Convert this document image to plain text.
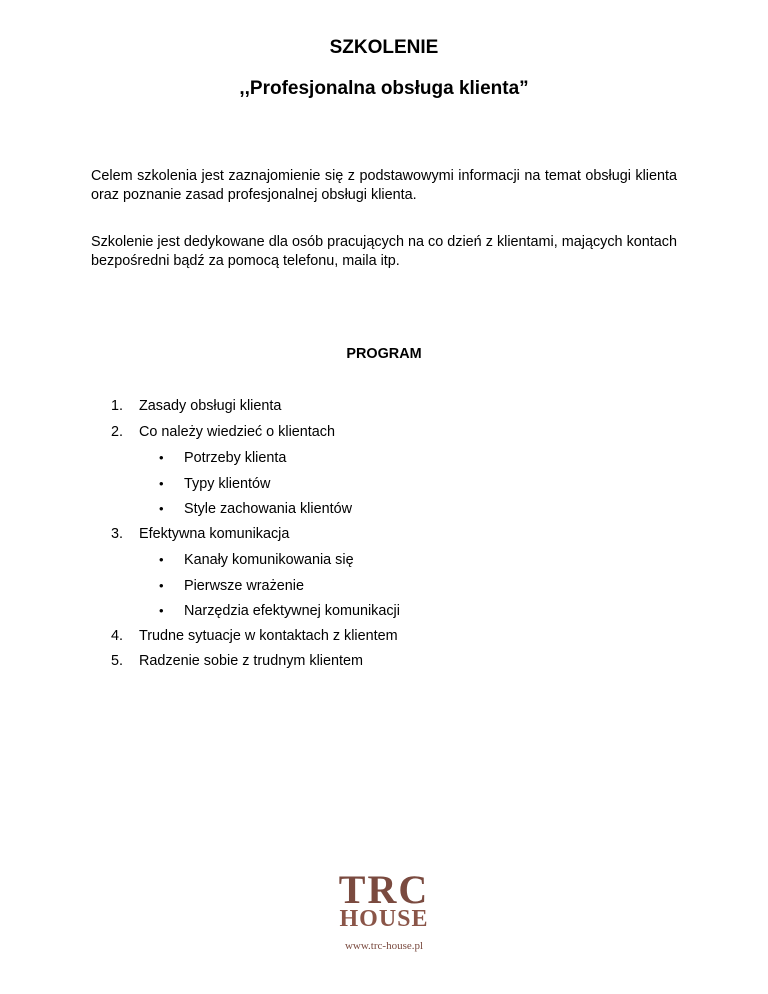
SZKOLENIE
,,Profesjonalna obsługa klienta”
Celem szkolenia jest zaznajomienie się z podstawowymi informacji na temat obsługi klienta oraz poznanie zasad profesjonalnej obsługi klienta.
Szkolenie jest dedykowane dla osób pracujących na co dzień z klientami, mających kontach bezpośredni bądź za pomocą telefonu, maila itp.
PROGRAM
1. Zasady obsługi klienta
2. Co należy wiedzieć o klientach
• Potrzeby klienta
• Typy klientów
• Style zachowania klientów
3. Efektywna komunikacja
• Kanały komunikowania się
• Pierwsze wrażenie
• Narzędzia efektywnej komunikacji
4. Trudne sytuacje w kontaktach z klientem
5. Radzenie sobie z trudnym klientem
TRC
HOUSE
www.trc-house.pl
